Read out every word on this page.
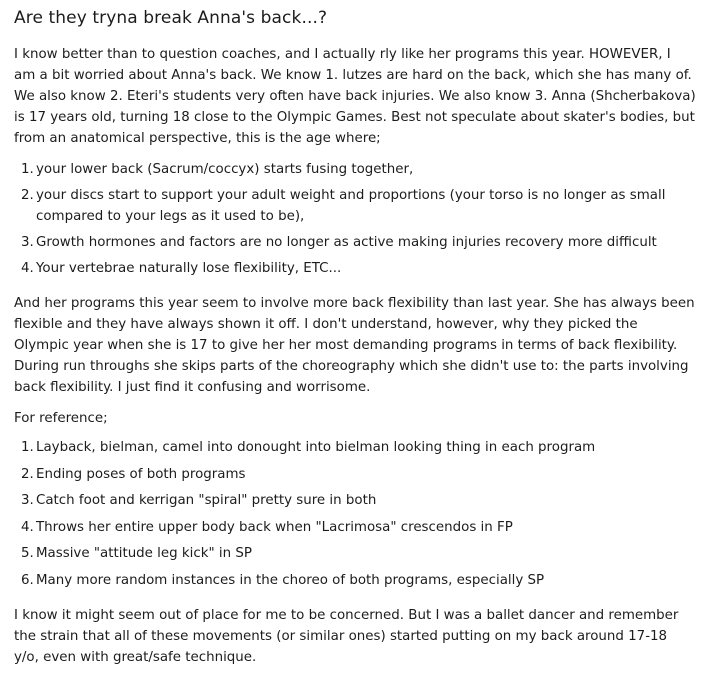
Are they tryna break Anna's back...?

I know better than to question coaches, and I actually rly like her programs this year. HOWEVER, I am a bit worried about Anna's back. We know 1. lutzes are hard on the back, which she has many of. We also know 2. Eteri's students very often have back injuries. We also know 3. Anna (Shcherbakova) is 17 years old, turning 18 close to the Olympic Games. Best not speculate about skater's bodies, but from an anatomical perspective, this is the age where;

1. your lower back (Sacrum/coccyx) starts fusing together,
2. your discs start to support your adult weight and proportions (your torso is no longer as small compared to your legs as it used to be),
3. Growth hormones and factors are no longer as active making injuries recovery more difficult
4. Your vertebrae naturally lose flexibility, ETC...

And her programs this year seem to involve more back flexibility than last year. She has always been flexible and they have always shown it off. I don't understand, however, why they picked the Olympic year when she is 17 to give her her most demanding programs in terms of back flexibility. During run throughs she skips parts of the choreography which she didn't use to: the parts involving back flexibility. I just find it confusing and worrisome.

For reference;

1. Layback, bielman, camel into donought into bielman looking thing in each program
2. Ending poses of both programs
3. Catch foot and kerrigan "spiral" pretty sure in both
4. Throws her entire upper body back when "Lacrimosa" crescendos in FP
5. Massive "attitude leg kick" in SP
6. Many more random instances in the choreo of both programs, especially SP

I know it might seem out of place for me to be concerned. But I was a ballet dancer and remember the strain that all of these movements (or similar ones) started putting on my back around 17-18 y/o, even with great/safe technique.
